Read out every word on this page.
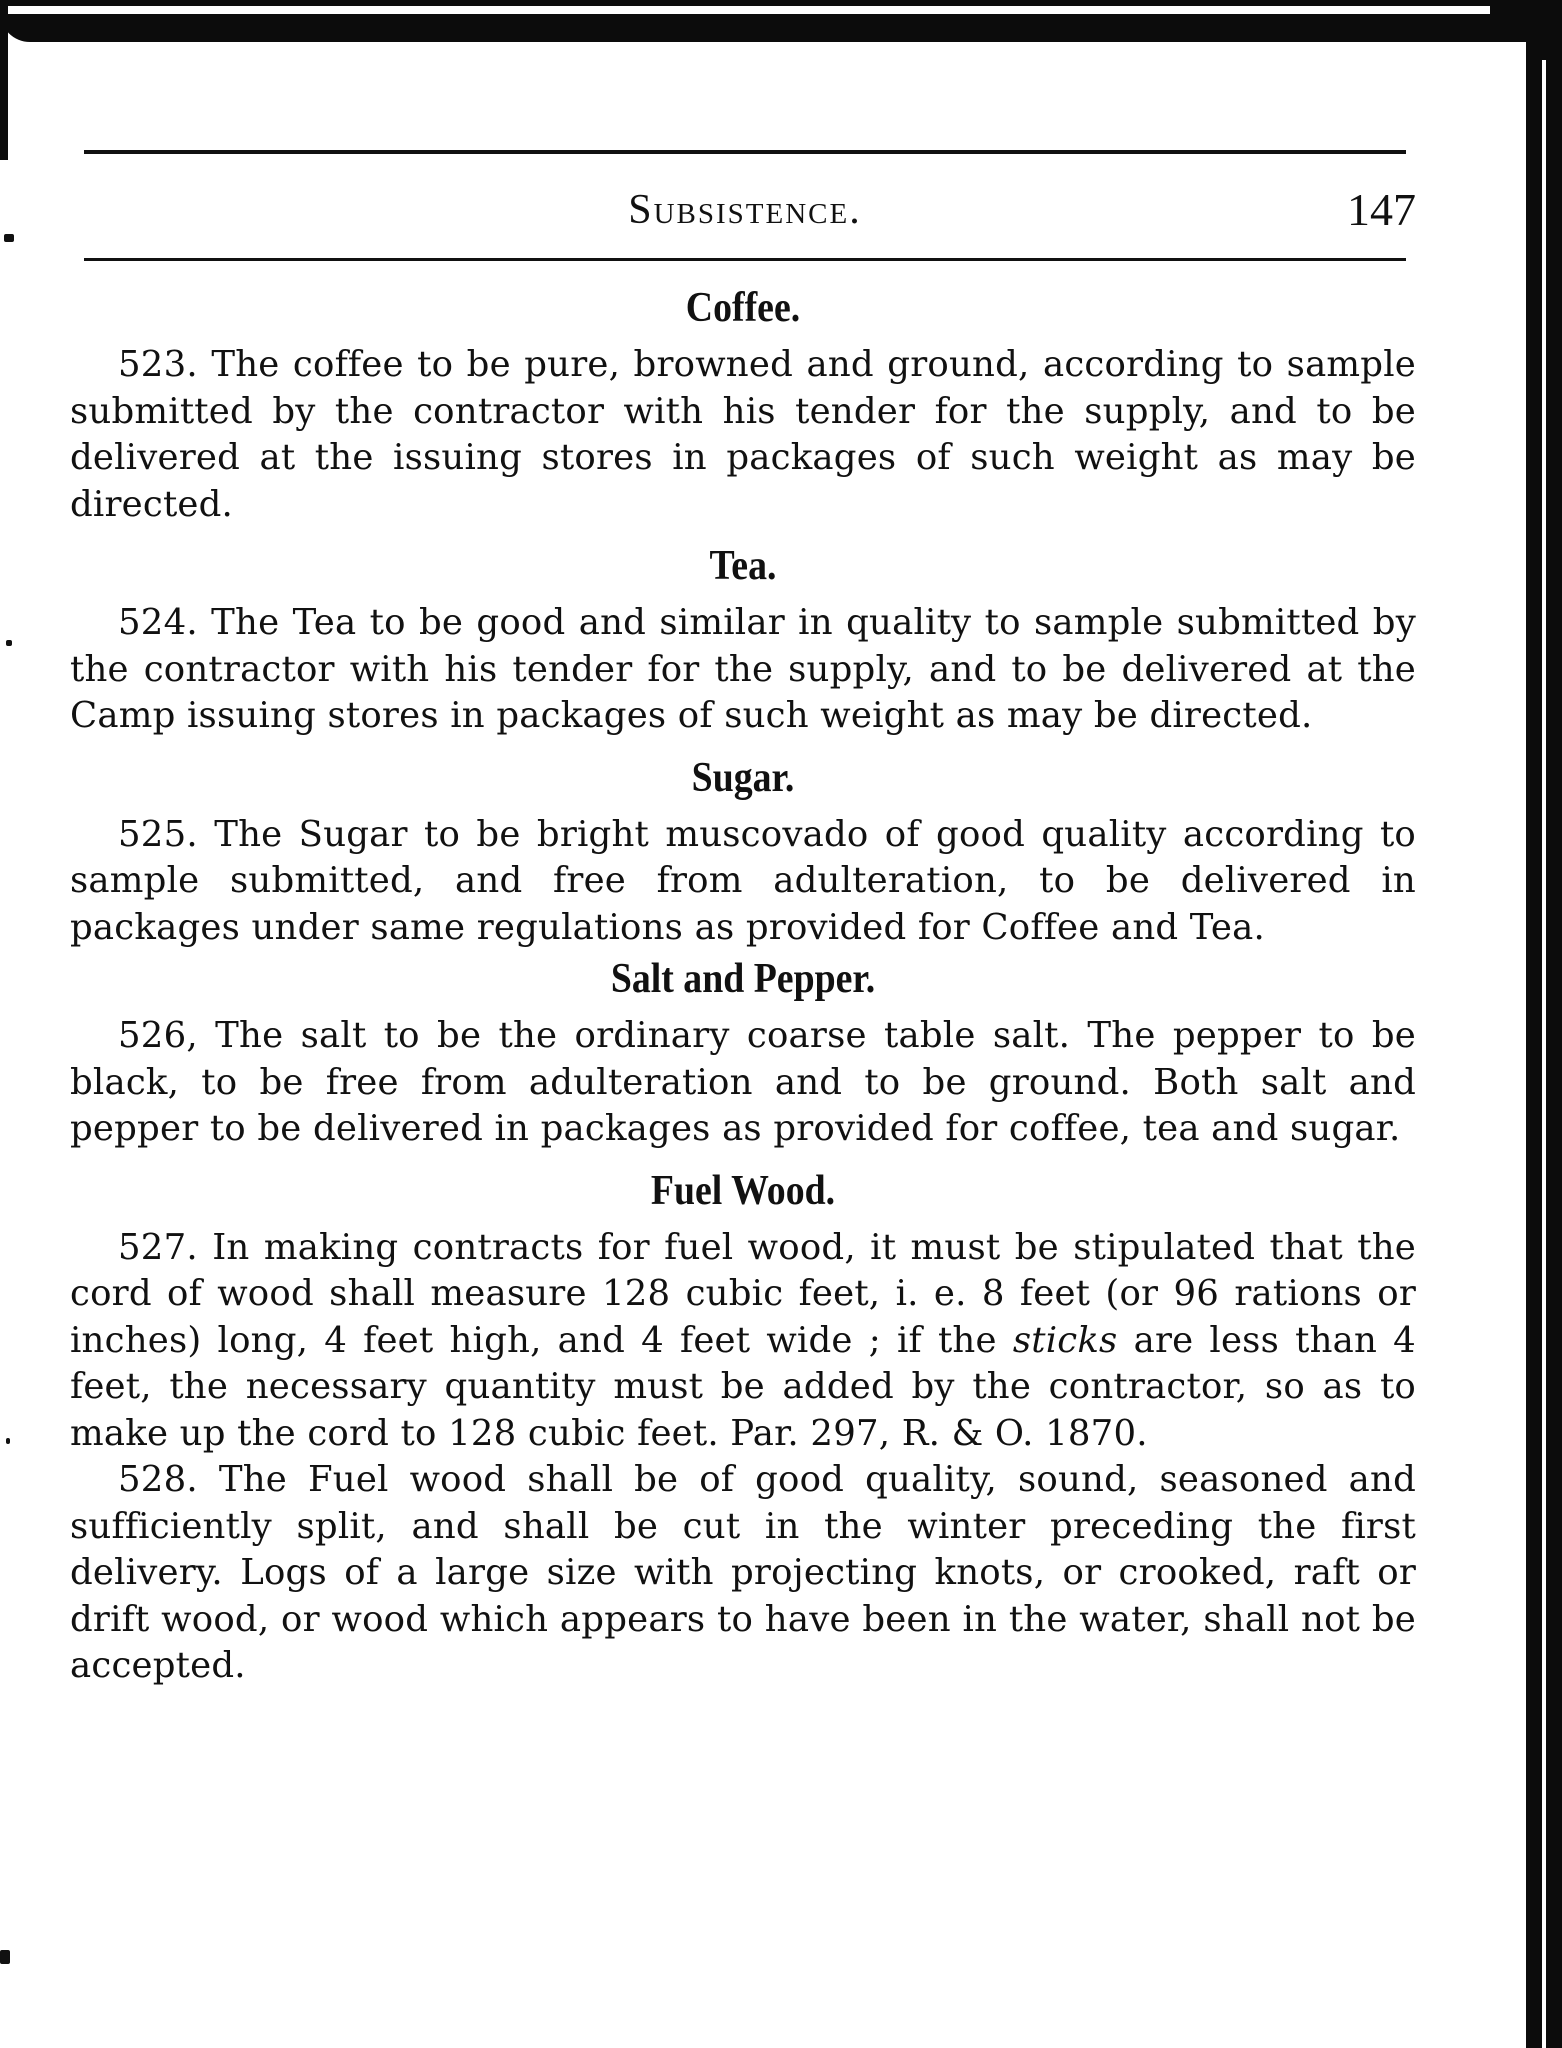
Subsistence.	147
Coffee.

523. The coffee to be pure, browned and ground, according to sample submitted by the contractor with his tender for the supply, and to be delivered at the issuing stores in packages of such weight as may be directed.

Tea.

524. The Tea to be good and similar in quality to sample submitted by the contractor with his tender for the supply, and to be delivered at the Camp issuing stores in packages of such weight as may be directed.

Sugar.

525. The Sugar to be bright muscovado of good quality according to sample submitted, and free from adulteration, to be delivered in packages under same regulations as provided for Coffee and Tea.

Salt and Pepper.

526, The salt to be the ordinary coarse table salt. The pepper to be black, to be free from adulteration and to be ground. Both salt and pepper to be delivered in packages as provided for coffee, tea and sugar.

Fuel Wood.

527. In making contracts for fuel wood, it must be stipulated that the cord of wood shall measure 128 cubic feet, i. e. 8 feet (or 96 rations or inches) long, 4 feet high, and 4 feet wide ; if the sticks are less than 4 feet, the necessary quantity must be added by the contractor, so as to make up the cord to 128 cubic feet. Par. 297, R. & O. 1870.

528. The Fuel wood shall be of good quality, sound, seasoned and sufficiently split, and shall be cut in the winter preceding the first delivery. Logs of a large size with projecting knots, or crooked, raft or drift wood, or wood which appears to have been in the water, shall not be accepted.
